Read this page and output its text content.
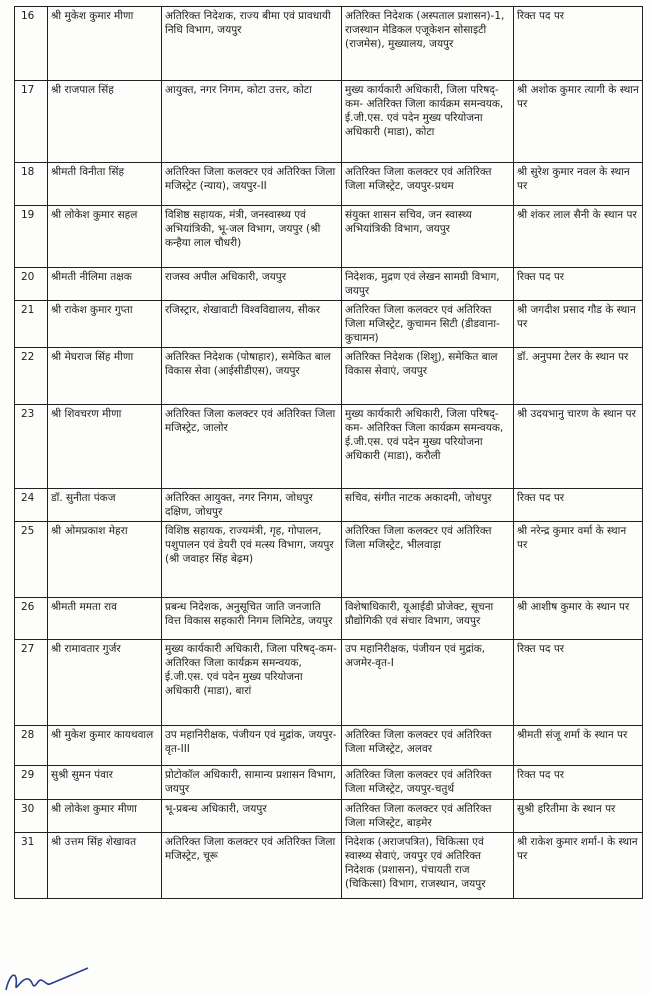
16	श्री मुकेश कुमार मीणा	अतिरिक्त निदेशक, राज्य बीमा एवं प्रावधायी निधि विभाग, जयपुर	अतिरिक्त निदेशक (अस्पताल प्रशासन)-1, राजस्थान मेडिकल एजूकेशन सोसाइटी (राजमेस), मुख्यालय, जयपुर	रिक्त पद पर
17	श्री राजपाल सिंह	आयुक्त, नगर निगम, कोटा उत्तर, कोटा	मुख्य कार्यकारी अधिकारी, जिला परिषद्-कम- अतिरिक्त जिला कार्यक्रम समन्वयक, ई.जी.एस. एवं पदेन मुख्य परियोजना अधिकारी (माडा), कोटा	श्री अशोक कुमार त्यागी के स्थान पर
18	श्रीमती विनीता सिंह	अतिरिक्त जिला कलक्टर एवं अतिरिक्त जिला मजिस्ट्रेट (न्याय), जयपुर-II	अतिरिक्त जिला कलक्टर एवं अतिरिक्त जिला मजिस्ट्रेट, जयपुर-प्रथम	श्री सुरेश कुमार नवल के स्थान पर
19	श्री लोकेश कुमार सहल	विशिष्ठ सहायक, मंत्री, जनस्वास्थ्य एवं अभियांत्रिकी, भू-जल विभाग, जयपुर (श्री कन्हैया लाल चौधरी)	संयुक्त शासन सचिव, जन स्वास्थ्य अभियांत्रिकी विभाग, जयपुर	श्री शंकर लाल सैनी के स्थान पर
20	श्रीमती नीलिमा तक्षक	राजस्व अपील अधिकारी, जयपुर	निदेशक, मुद्रण एवं लेखन सामग्री विभाग, जयपुर	रिक्त पद पर
21	श्री राकेश कुमार गुप्ता	रजिस्ट्रार, शेखावाटी विश्वविद्यालय, सीकर	अतिरिक्त जिला कलक्टर एवं अतिरिक्त जिला मजिस्ट्रेट, कुचामन सिटी (डीडवाना-कुचामन)	श्री जगदीश प्रसाद गौड के स्थान पर
22	श्री मेघराज सिंह मीणा	अतिरिक्त निदेशक (पोषाहार), समेकित बाल विकास सेवा (आईसीडीएस), जयपुर	अतिरिक्त निदेशक (शिशु), समेकित बाल विकास सेवाएं, जयपुर	डॉ. अनुपमा टेलर के स्थान पर
23	श्री शिवचरण मीणा	अतिरिक्त जिला कलक्टर एवं अतिरिक्त जिला मजिस्ट्रेट, जालोर	मुख्य कार्यकारी अधिकारी, जिला परिषद्-कम- अतिरिक्त जिला कार्यक्रम समन्वयक, ई.जी.एस. एवं पदेन मुख्य परियोजना अधिकारी (माडा), करौली	श्री उदयभानु चारण के स्थान पर
24	डॉ. सुनीता पंकज	अतिरिक्त आयुक्त, नगर निगम, जोधपुर दक्षिण, जोधपुर	सचिव, संगीत नाटक अकादमी, जोधपुर	रिक्त पद पर
25	श्री ओमप्रकाश मेहरा	विशिष्ठ सहायक, राज्यमंत्री, गृह, गोपालन, पशुपालन एवं डेयरी एवं मत्स्य विभाग, जयपुर (श्री जवाहर सिंह बेढ़म)	अतिरिक्त जिला कलक्टर एवं अतिरिक्त जिला मजिस्ट्रेट, भीलवाड़ा	श्री नरेन्द्र कुमार वर्मा के स्थान पर
26	श्रीमती ममता राव	प्रबन्ध निदेशक, अनुसूचित जाति जनजाति वित्त विकास सहकारी निगम लिमिटेड, जयपुर	विशेषाधिकारी, यूआईडी प्रोजेक्ट, सूचना प्रौद्योगिकी एवं संचार विभाग, जयपुर	श्री आशीष कुमार के स्थान पर
27	श्री रामावतार गुर्जर	मुख्य कार्यकारी अधिकारी, जिला परिषद्-कम- अतिरिक्त जिला कार्यक्रम समन्वयक, ई.जी.एस. एवं पदेन मुख्य परियोजना अधिकारी (माडा), बारां	उप महानिरीक्षक, पंजीयन एवं मुद्रांक, अजमेर-वृत-I	रिक्त पद पर
28	श्री मुकेश कुमार कायथवाल	उप महानिरीक्षक, पंजीयन एवं मुद्रांक, जयपुर-वृत-III	अतिरिक्त जिला कलक्टर एवं अतिरिक्त जिला मजिस्ट्रेट, अलवर	श्रीमती संजू शर्मा के स्थान पर
29	सुश्री सुमन पंवार	प्रोटोकॉल अधिकारी, सामान्य प्रशासन विभाग, जयपुर	अतिरिक्त जिला कलक्टर एवं अतिरिक्त जिला मजिस्ट्रेट, जयपुर-चतुर्थ	रिक्त पद पर
30	श्री लोकेश कुमार मीणा	भू-प्रबन्ध अधिकारी, जयपुर	अतिरिक्त जिला कलक्टर एवं अतिरिक्त जिला मजिस्ट्रेट, बाड़मेर	सुश्री हरितीमा के स्थान पर
31	श्री उत्तम सिंह शेखावत	अतिरिक्त जिला कलक्टर एवं अतिरिक्त जिला मजिस्ट्रेट, चूरू	निदेशक (अराजपत्रित), चिकित्सा एवं स्वास्थ्य सेवाएं, जयपुर एवं अतिरिक्त निदेशक (प्रशासन), पंचायती राज (चिकित्सा) विभाग, राजस्थान, जयपुर	श्री राकेश कुमार शर्मा-I के स्थान पर
